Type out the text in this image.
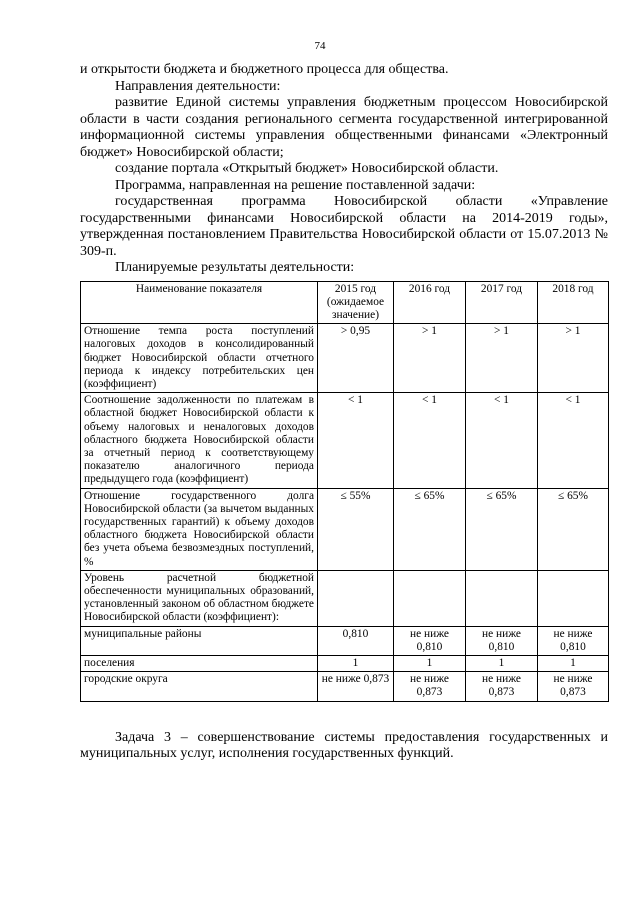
74

и открытости бюджета и бюджетного процесса для общества.

Направления деятельности:

развитие Единой системы управления бюджетным процессом Новосибирской области в части создания регионального сегмента государственной интегрированной информационной системы управления общественными финансами «Электронный бюджет» Новосибирской области;

создание портала «Открытый бюджет» Новосибирской области.

Программа, направленная на решение поставленной задачи:

государственная программа Новосибирской области «Управление государственными финансами Новосибирской области на 2014-2019 годы», утвержденная постановлением Правительства Новосибирской области от 15.07.2013 № 309-п.

Планируемые результаты деятельности:

Наименование показателя	2015 год (ожидаемое значение)	2016 год	2017 год	2018 год
Отношение темпа роста поступлений налоговых доходов в консолидированный бюджет Новосибирской области отчетного периода к индексу потребительских цен (коэффициент)	> 0,95	> 1	> 1	> 1
Соотношение задолженности по платежам в областной бюджет Новосибирской области к объему налоговых и неналоговых доходов областного бюджета Новосибирской области за отчетный период к соответствующему показателю аналогичного периода предыдущего года (коэффициент)	< 1	< 1	< 1	< 1
Отношение государственного долга Новосибирской области (за вычетом выданных государственных гарантий) к объему доходов областного бюджета Новосибирской области без учета объема безвозмездных поступлений, %	≤ 55%	≤ 65%	≤ 65%	≤ 65%
Уровень расчетной бюджетной обеспеченности муниципальных образований, установленный законом об областном бюджете Новосибирской области (коэффициент):				
муниципальные районы	0,810	не ниже 0,810	не ниже 0,810	не ниже 0,810
поселения	1	1	1	1
городские округа	не ниже 0,873	не ниже 0,873	не ниже 0,873	не ниже 0,873

Задача 3 – совершенствование системы предоставления государственных и муниципальных услуг, исполнения государственных функций.
